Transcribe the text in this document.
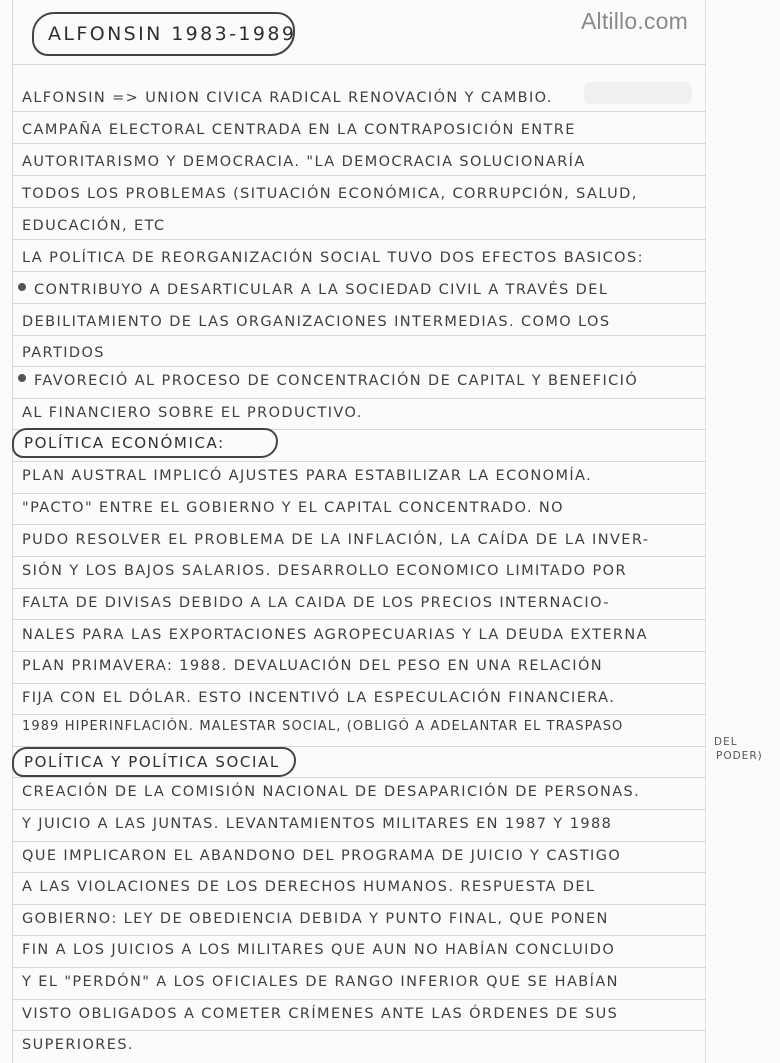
Altillo.com
ALFONSIN 1983-1989
ALFONSIN => UNION CIVICA RADICAL RENOVACIÓN Y CAMBIO.
CAMPAÑA ELECTORAL CENTRADA EN LA CONTRAPOSICIÓN ENTRE
AUTORITARISMO Y DEMOCRACIA. "LA DEMOCRACIA SOLUCIONARÍA
TODOS LOS PROBLEMAS (SITUACIÓN ECONÓMICA, CORRUPCIÓN, SALUD,
EDUCACIÓN, ETC
LA POLÍTICA DE REORGANIZACIÓN SOCIAL TUVO DOS EFECTOS BASICOS:
CONTRIBUYO A DESARTICULAR A LA SOCIEDAD CIVIL A TRAVÉS DEL
DEBILITAMIENTO DE LAS ORGANIZACIONES INTERMEDIAS. COMO LOS
PARTIDOS
FAVORECIÓ AL PROCESO DE CONCENTRACIÓN DE CAPITAL Y BENEFICIÓ
AL FINANCIERO SOBRE EL PRODUCTIVO.
POLÍTICA ECONÓMICA:
PLAN AUSTRAL IMPLICÓ AJUSTES PARA ESTABILIZAR LA ECONOMÍA.
"PACTO" ENTRE EL GOBIERNO Y EL CAPITAL CONCENTRADO. NO
PUDO RESOLVER EL PROBLEMA DE LA INFLACIÓN, LA CAÍDA DE LA INVER-
SIÓN Y LOS BAJOS SALARIOS. DESARROLLO ECONOMICO LIMITADO POR
FALTA DE DIVISAS DEBIDO A LA CAIDA DE LOS PRECIOS INTERNACIO-
NALES PARA LAS EXPORTACIONES AGROPECUARIAS Y LA DEUDA EXTERNA
PLAN PRIMAVERA: 1988. DEVALUACIÓN DEL PESO EN UNA RELACIÓN
FIJA CON EL DÓLAR. ESTO INCENTIVÓ LA ESPECULACIÓN FINANCIERA.
1989 HIPERINFLACIÓN. MALESTAR SOCIAL, (OBLIGÓ A ADELANTAR EL TRASPASO
DEL
PODER)
POLÍTICA Y POLÍTICA SOCIAL
CREACIÓN DE LA COMISIÓN NACIONAL DE DESAPARICIÓN DE PERSONAS.
Y JUICIO A LAS JUNTAS. LEVANTAMIENTOS MILITARES EN 1987 Y 1988
QUE IMPLICARON EL ABANDONO DEL PROGRAMA DE JUICIO Y CASTIGO
A LAS VIOLACIONES DE LOS DERECHOS HUMANOS. RESPUESTA DEL
GOBIERNO: LEY DE OBEDIENCIA DEBIDA Y PUNTO FINAL, QUE PONEN
FIN A LOS JUICIOS A LOS MILITARES QUE AUN NO HABÍAN CONCLUIDO
Y EL "PERDÓN" A LOS OFICIALES DE RANGO INFERIOR QUE SE HABÍAN
VISTO OBLIGADOS A COMETER CRÍMENES ANTE LAS ÓRDENES DE SUS
SUPERIORES.
